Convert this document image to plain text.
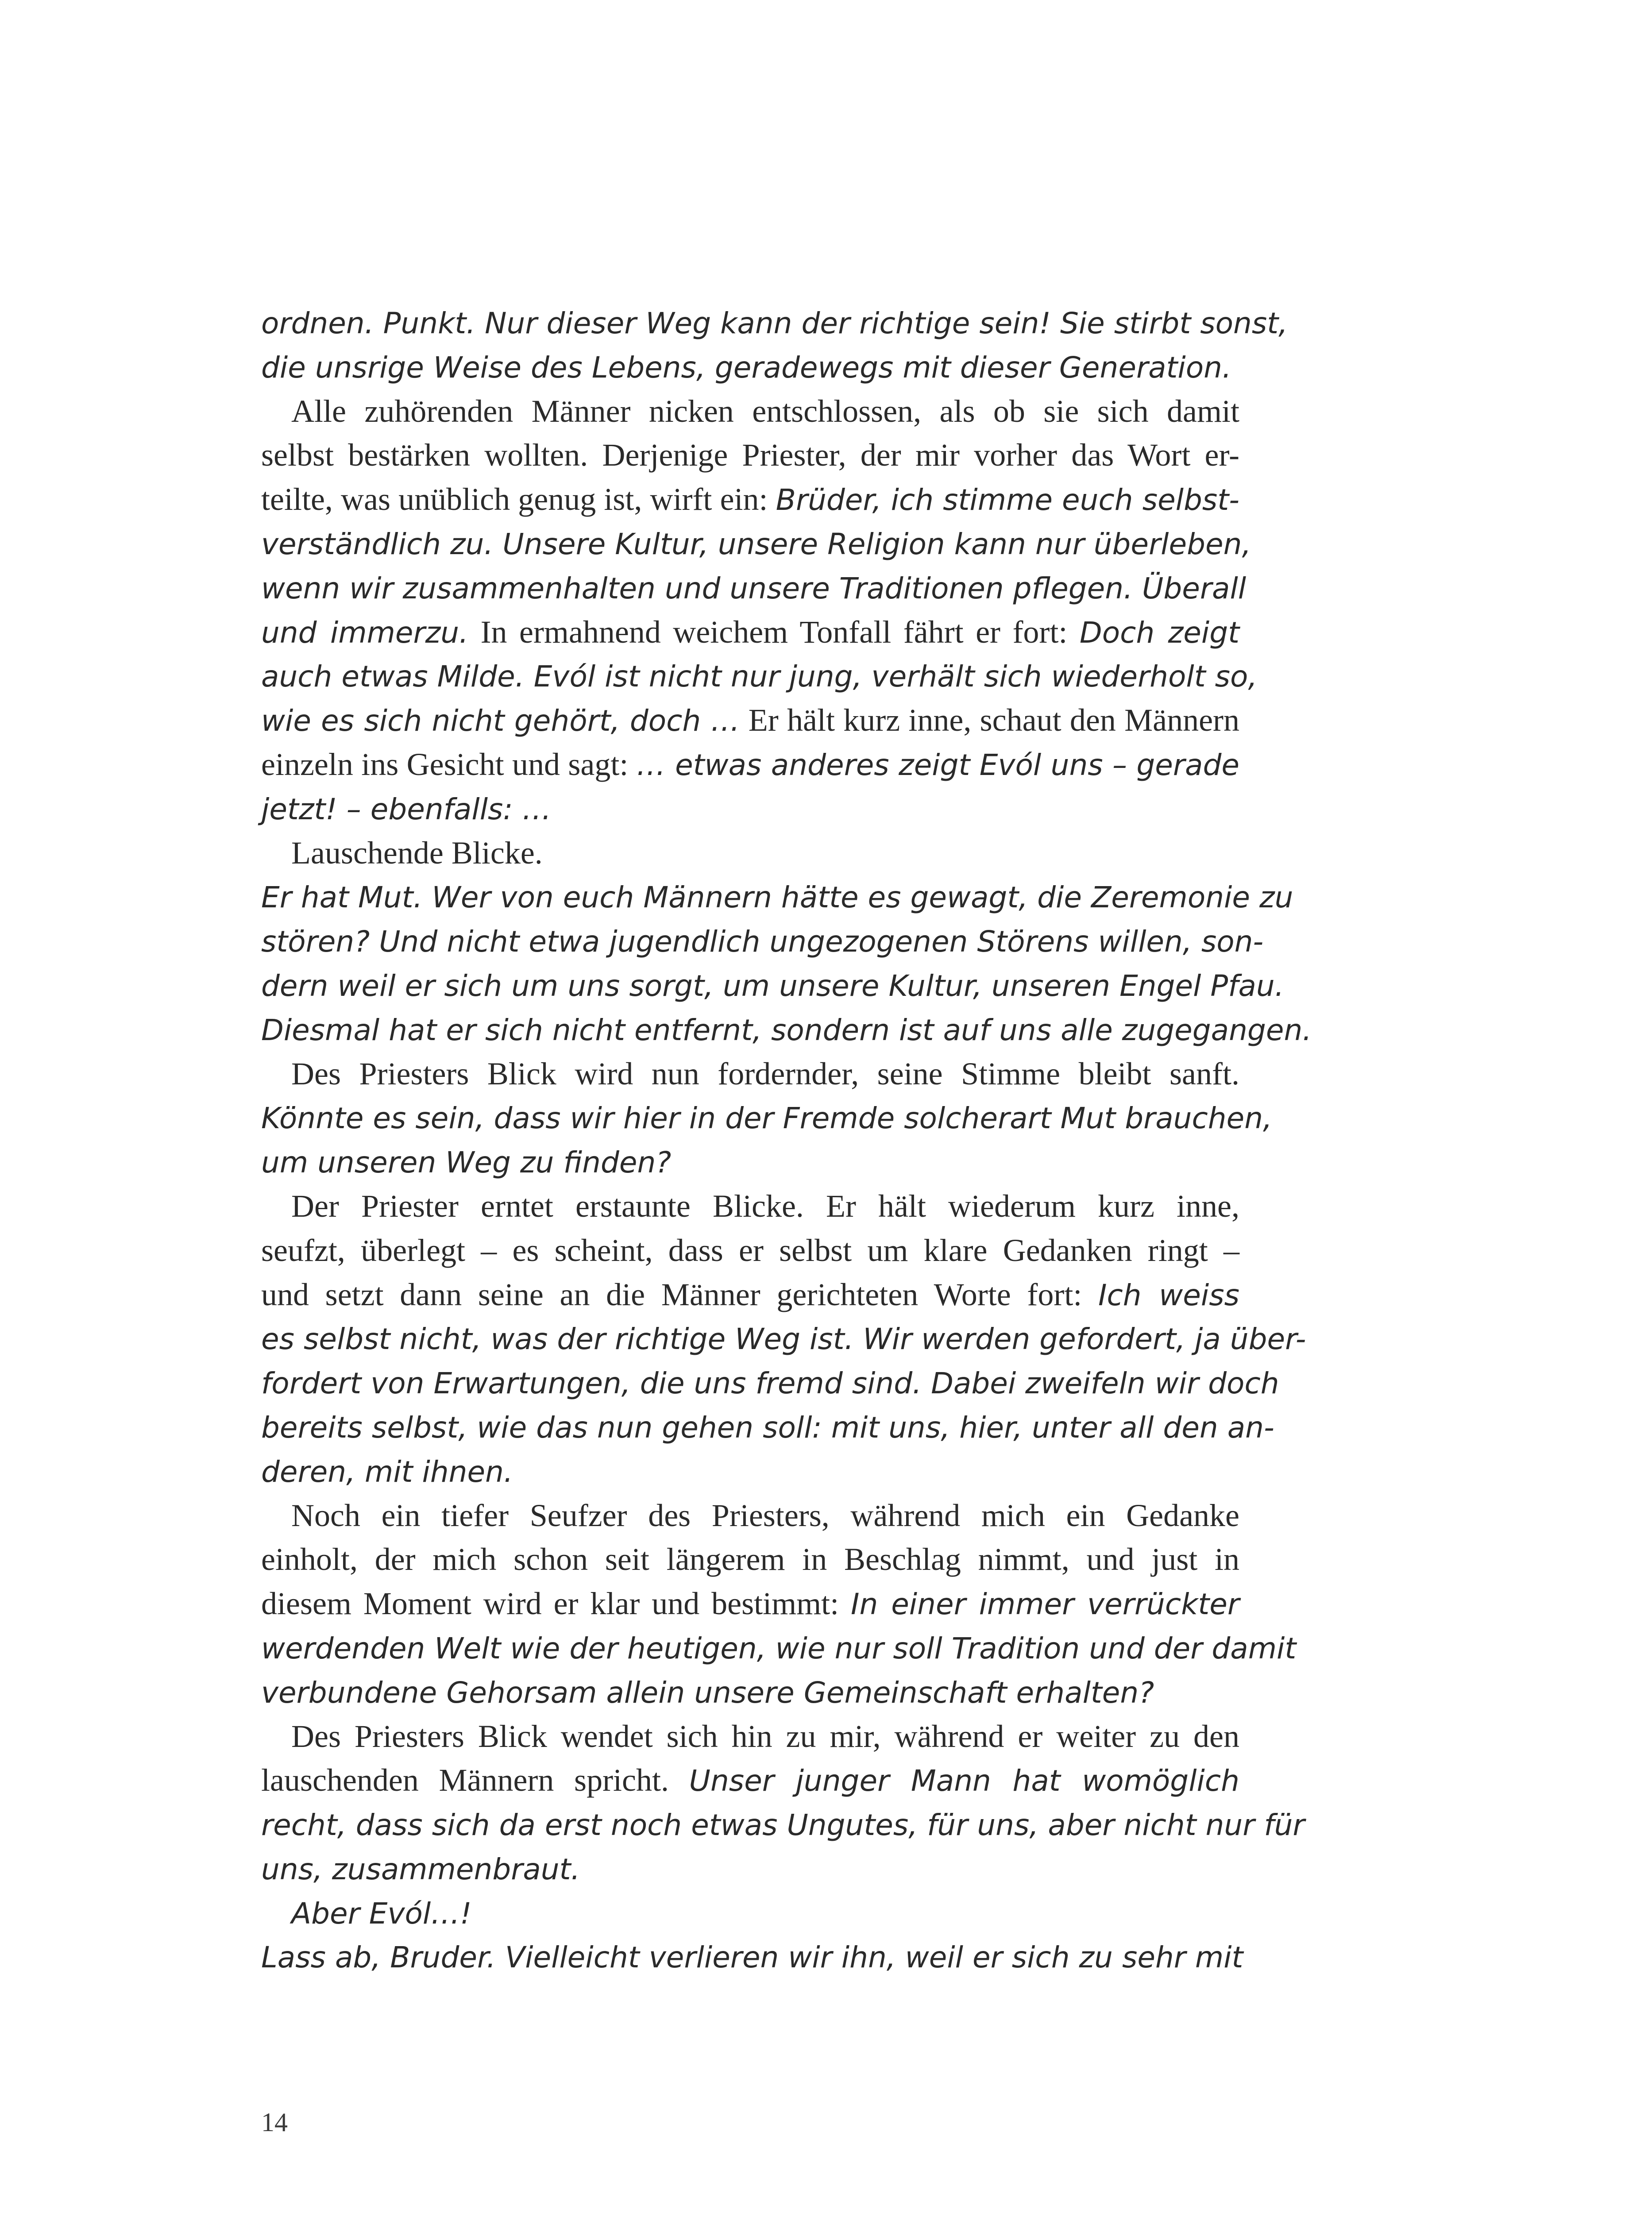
ordnen. Punkt. Nur dieser Weg kann der richtige sein! Sie stirbt sonst,
die unsrige Weise des Lebens, geradewegs mit dieser Generation.
Alle zuhörenden Männer nicken entschlossen, als ob sie sich damit
selbst bestärken wollten. Derjenige Priester, der mir vorher das Wort er-
teilte, was unüblich genug ist, wirft ein: Brüder, ich stimme euch selbst-
verständlich zu. Unsere Kultur, unsere Religion kann nur überleben,
wenn wir zusammenhalten und unsere Traditionen pflegen. Überall
und immerzu. In ermahnend weichem Tonfall fährt er fort: Doch zeigt
auch etwas Milde. Evól ist nicht nur jung, verhält sich wiederholt so,
wie es sich nicht gehört, doch … Er hält kurz inne, schaut den Männern
einzeln ins Gesicht und sagt: … etwas anderes zeigt Evól uns – gerade
jetzt! – ebenfalls: …
Lauschende Blicke.
Er hat Mut. Wer von euch Männern hätte es gewagt, die Zeremonie zu
stören? Und nicht etwa jugendlich ungezogenen Störens willen, son-
dern weil er sich um uns sorgt, um unsere Kultur, unseren Engel Pfau.
Diesmal hat er sich nicht entfernt, sondern ist auf uns alle zugegangen.
Des Priesters Blick wird nun fordernder, seine Stimme bleibt sanft.
Könnte es sein, dass wir hier in der Fremde solcherart Mut brauchen,
um unseren Weg zu finden?
Der Priester erntet erstaunte Blicke. Er hält wiederum kurz inne,
seufzt, überlegt – es scheint, dass er selbst um klare Gedanken ringt –
und setzt dann seine an die Männer gerichteten Worte fort: Ich weiss
es selbst nicht, was der richtige Weg ist. Wir werden gefordert, ja über-
fordert von Erwartungen, die uns fremd sind. Dabei zweifeln wir doch
bereits selbst, wie das nun gehen soll: mit uns, hier, unter all den an-
deren, mit ihnen.
Noch ein tiefer Seufzer des Priesters, während mich ein Gedanke
einholt, der mich schon seit längerem in Beschlag nimmt, und just in
diesem Moment wird er klar und bestimmt: In einer immer verrückter
werdenden Welt wie der heutigen, wie nur soll Tradition und der damit
verbundene Gehorsam allein unsere Gemeinschaft erhalten?
Des Priesters Blick wendet sich hin zu mir, während er weiter zu den
lauschenden Männern spricht. Unser junger Mann hat womöglich
recht, dass sich da erst noch etwas Ungutes, für uns, aber nicht nur für
uns, zusammenbraut.
Aber Evól…!
Lass ab, Bruder. Vielleicht verlieren wir ihn, weil er sich zu sehr mit
14
